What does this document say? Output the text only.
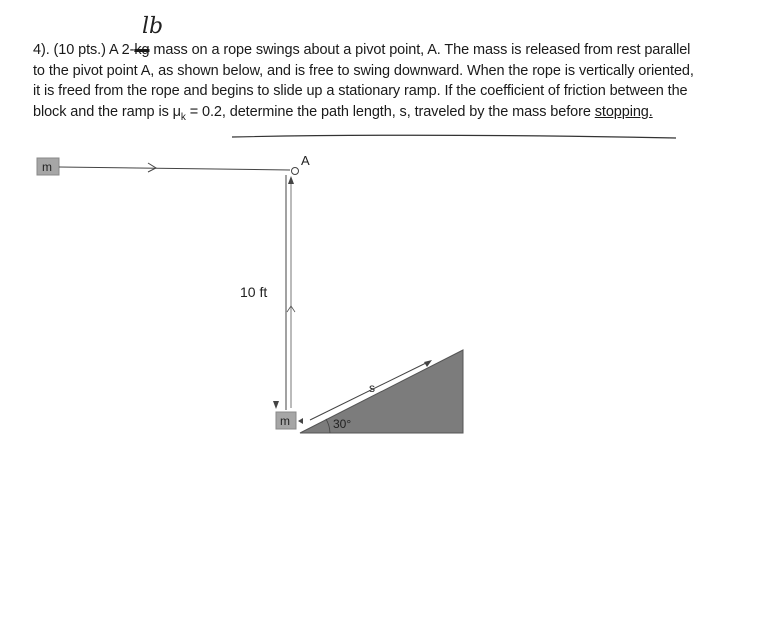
lb
4). (10 pts.) A 2-kg mass on a rope swings about a pivot point, A. The mass is released from rest parallel
to the pivot point A, as shown below, and is free to swing downward. When the rope is vertically oriented,
it is freed from the rope and begins to slide up a stationary ramp. If the coefficient of friction between the
block and the ramp is $\mu_k = 0.2$, determine the path length, s, traveled by the mass before stopping.
m	A
10 ft
m
s
30°
